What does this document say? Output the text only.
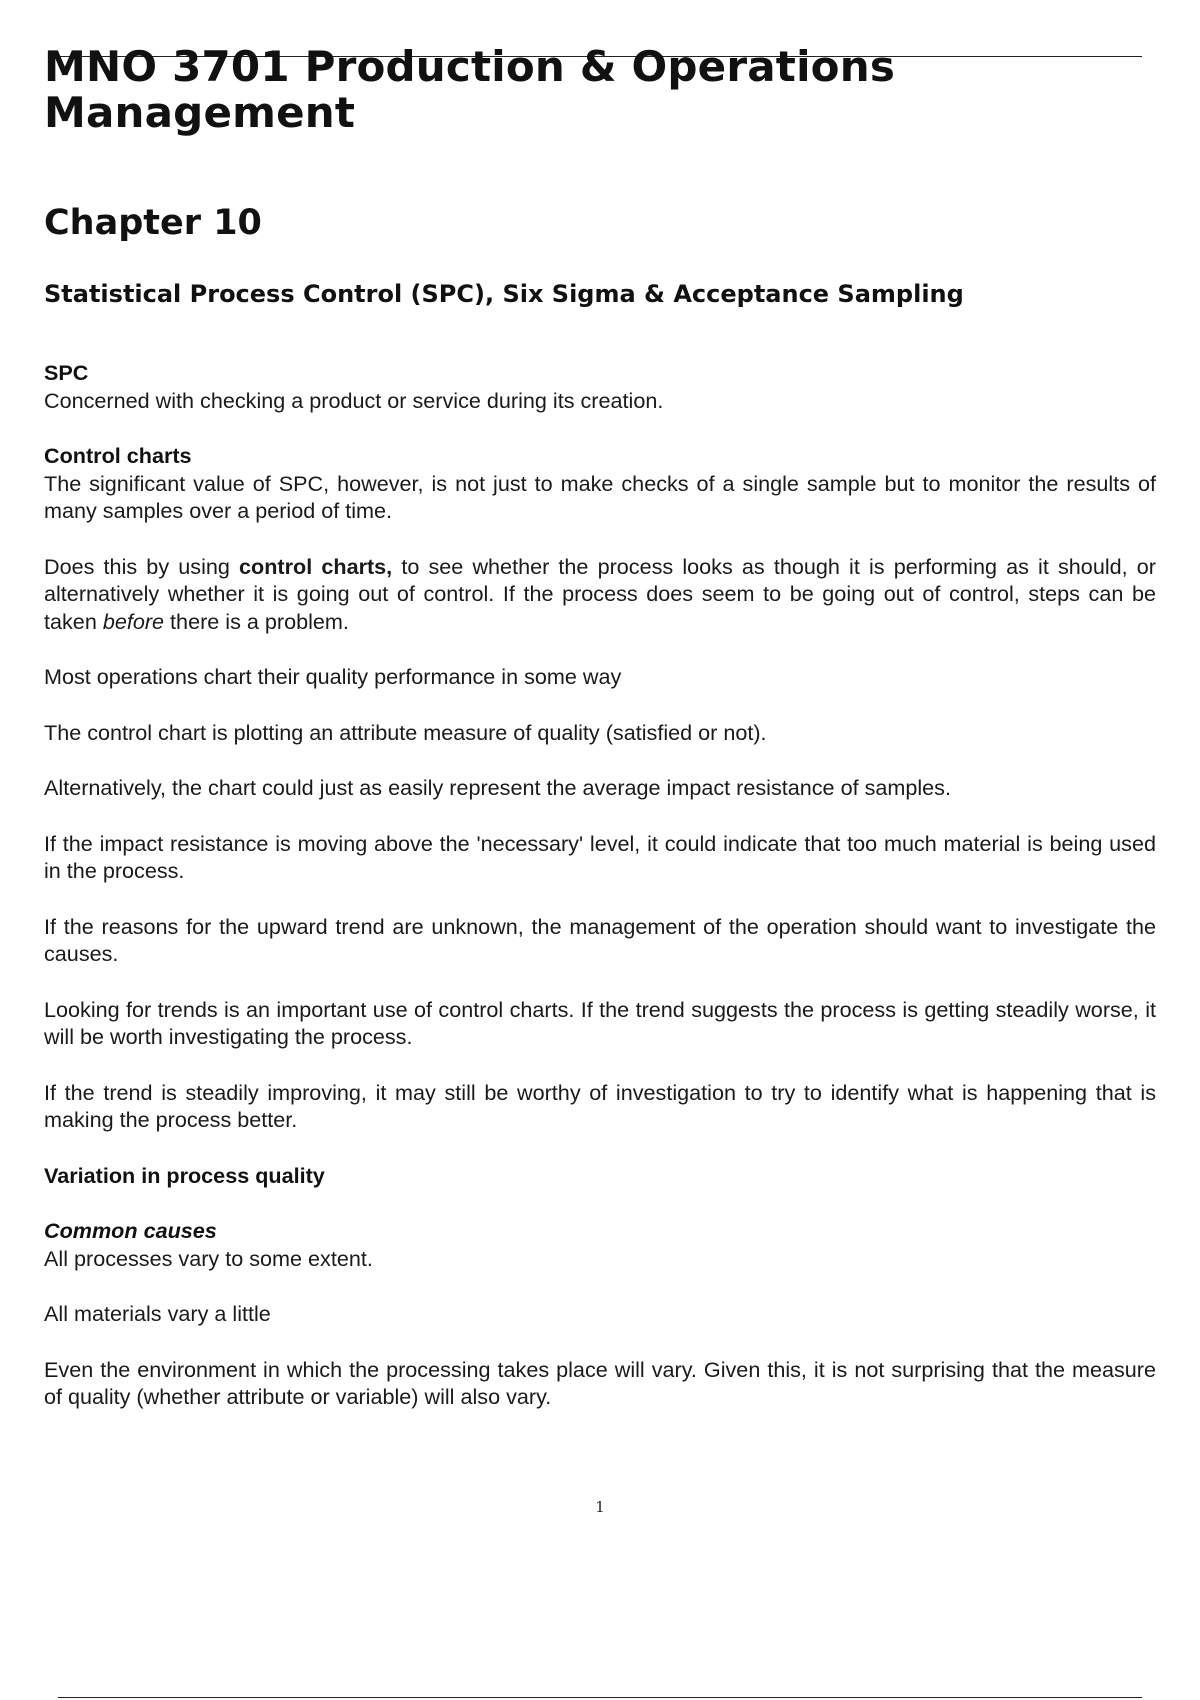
MNO 3701 Production & Operations Management
Chapter 10
Statistical Process Control (SPC), Six Sigma & Acceptance Sampling
SPC

Concerned with checking a product or service during its creation.

Control charts

The significant value of SPC, however, is not just to make checks of a single sample but to monitor the results of many samples over a period of time.

Does this by using control charts, to see whether the process looks as though it is performing as it should, or alternatively whether it is going out of control. If the process does seem to be going out of control, steps can be taken before there is a problem.

Most operations chart their quality performance in some way

The control chart is plotting an attribute measure of quality (satisfied or not).

Alternatively, the chart could just as easily represent the average impact resistance of samples.

If the impact resistance is moving above the 'necessary' level, it could indicate that too much material is being used in the process.

If the reasons for the upward trend are unknown, the management of the operation should want to investigate the causes.

Looking for trends is an important use of control charts. If the trend suggests the process is getting steadily worse, it will be worth investigating the process.

If the trend is steadily improving, it may still be worthy of investigation to try to identify what is happening that is making the process better.

Variation in process quality
Common causes

All processes vary to some extent.

All materials vary a little

Even the environment in which the processing takes place will vary. Given this, it is not surprising that the measure of quality (whether attribute or variable) will also vary.

1
